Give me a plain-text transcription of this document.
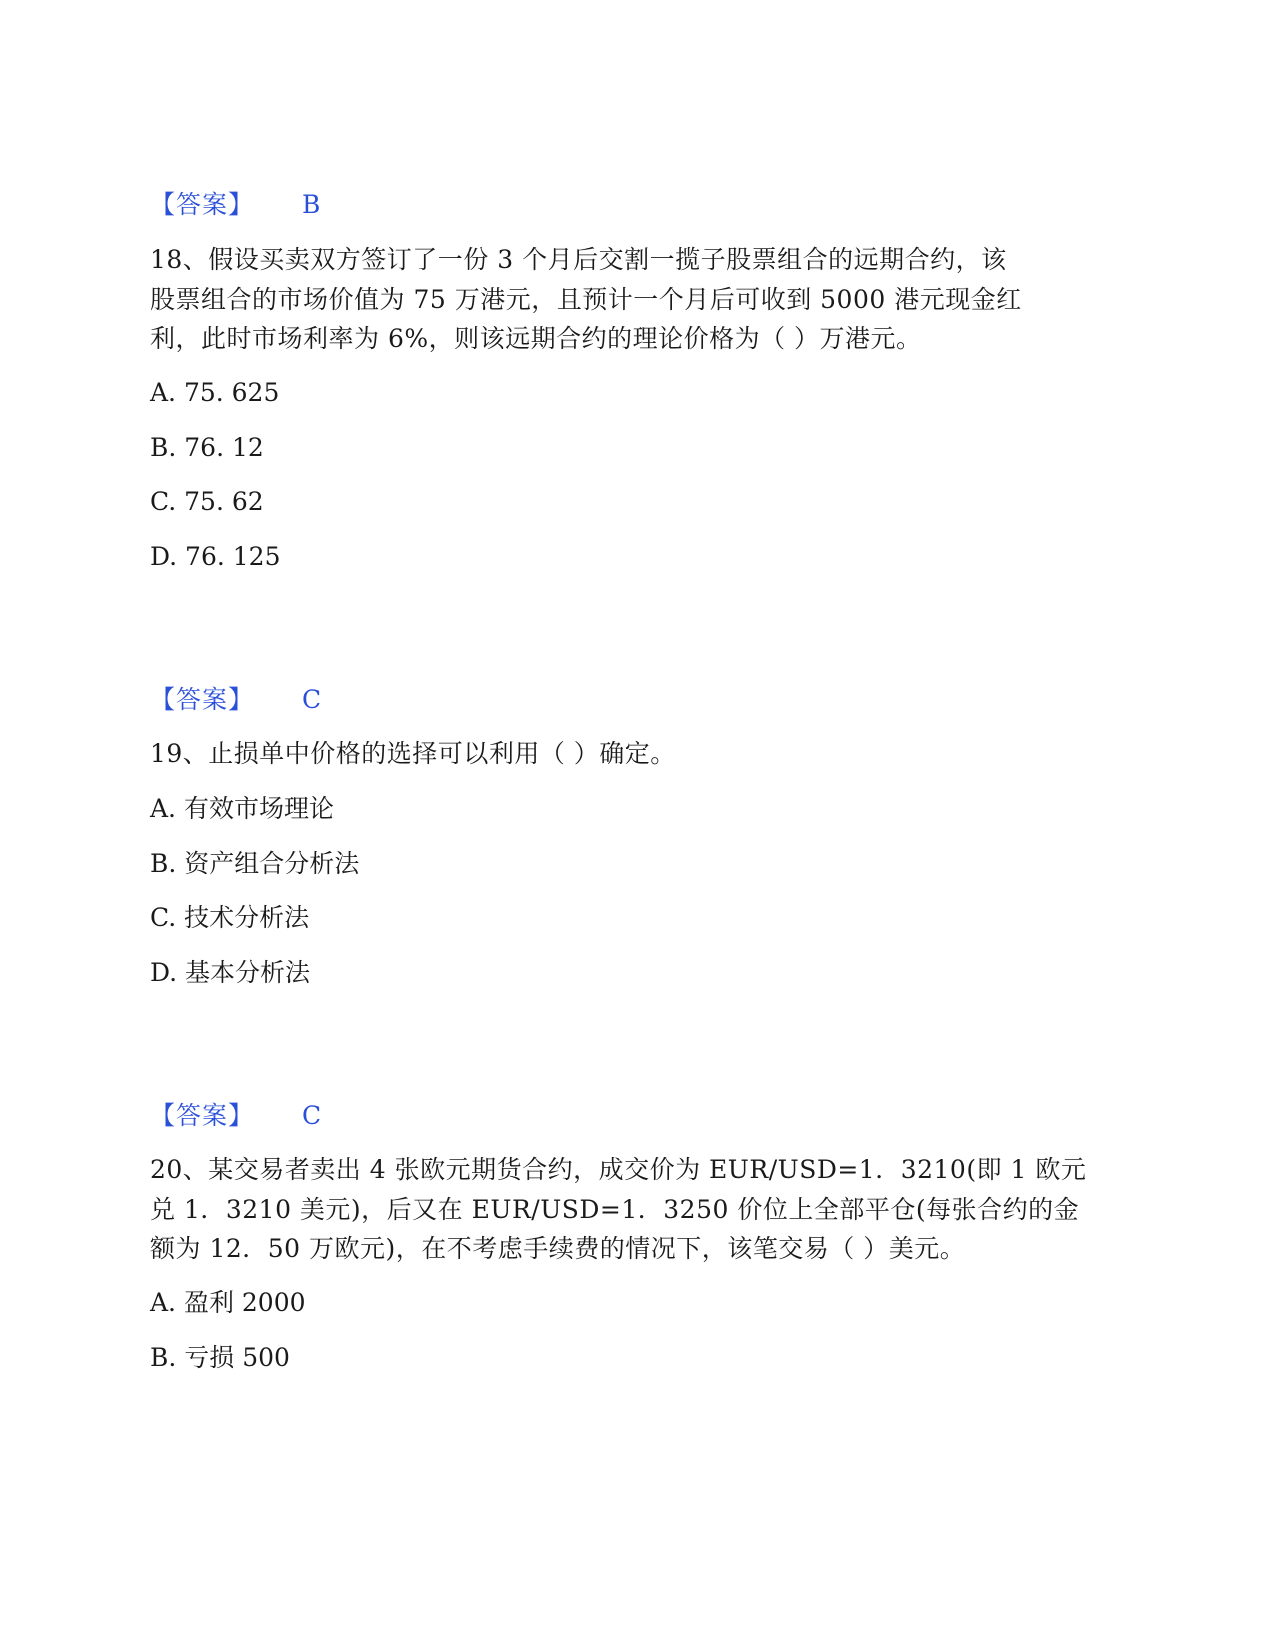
【答案】 B
18、假设买卖双方签订了一份 3 个月后交割一揽子股票组合的远期合约，该
股票组合的市场价值为 75 万港元，且预计一个月后可收到 5000 港元现金红
利，此时市场利率为 6%，则该远期合约的理论价格为（ ）万港元。
A. 75. 625
B. 76. 12
C. 75. 62
D. 76. 125
【答案】 C
19、止损单中价格的选择可以利用（ ）确定。
A. 有效市场理论
B. 资产组合分析法
C. 技术分析法
D. 基本分析法
【答案】 C
20、某交易者卖出 4 张欧元期货合约，成交价为 EUR/USD=1．3210(即 1 欧元
兑 1．3210 美元)，后又在 EUR/USD=1．3250 价位上全部平仓(每张合约的金
额为 12．50 万欧元)，在不考虑手续费的情况下，该笔交易（ ）美元。
A. 盈利 2000
B. 亏损 500
